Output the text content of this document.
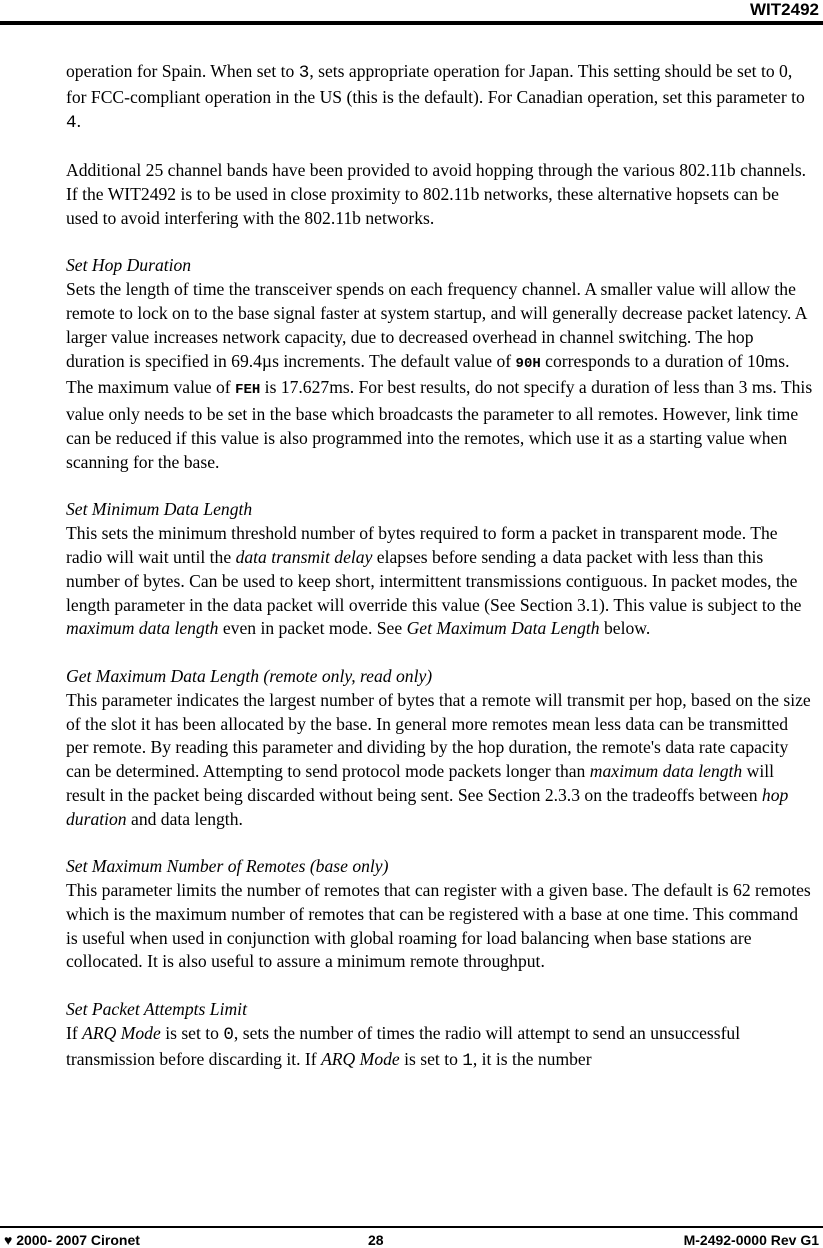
WIT2492

operation for Spain. When set to 3, sets appropriate operation for Japan. This setting should be set to 0, for FCC-compliant operation in the US (this is the default). For Canadian operation, set this parameter to 4.

Additional 25 channel bands have been provided to avoid hopping through the various 802.11b channels. If the WIT2492 is to be used in close proximity to 802.11b networks, these alternative hopsets can be used to avoid interfering with the 802.11b networks.

Set Hop Duration
Sets the length of time the transceiver spends on each frequency channel. A smaller value will allow the remote to lock on to the base signal faster at system startup, and will generally decrease packet latency. A larger value increases network capacity, due to decreased overhead in channel switching. The hop duration is specified in 69.4µs increments. The default value of 90H corresponds to a duration of 10ms. The maximum value of FEH is 17.627ms. For best results, do not specify a duration of less than 3 ms. This value only needs to be set in the base which broadcasts the parameter to all remotes. However, link time can be reduced if this value is also programmed into the remotes, which use it as a starting value when scanning for the base.

Set Minimum Data Length
This sets the minimum threshold number of bytes required to form a packet in transparent mode. The radio will wait until the data transmit delay elapses before sending a data packet with less than this number of bytes. Can be used to keep short, intermittent transmissions contiguous. In packet modes, the length parameter in the data packet will override this value (See Section 3.1). This value is subject to the maximum data length even in packet mode. See Get Maximum Data Length below.

Get Maximum Data Length (remote only, read only)
This parameter indicates the largest number of bytes that a remote will transmit per hop, based on the size of the slot it has been allocated by the base. In general more remotes mean less data can be transmitted per remote. By reading this parameter and dividing by the hop duration, the remote's data rate capacity can be determined. Attempting to send protocol mode packets longer than maximum data length will result in the packet being discarded without being sent. See Section 2.3.3 on the tradeoffs between hop duration and data length.

Set Maximum Number of Remotes (base only)
This parameter limits the number of remotes that can register with a given base. The default is 62 remotes which is the maximum number of remotes that can be registered with a base at one time. This command is useful when used in conjunction with global roaming for load balancing when base stations are collocated. It is also useful to assure a minimum remote throughput.

Set Packet Attempts Limit
If ARQ Mode is set to 0, sets the number of times the radio will attempt to send an unsuccessful transmission before discarding it. If ARQ Mode is set to 1, it is the number

♥ 2000- 2007 Cironet	28	M-2492-0000 Rev G1
